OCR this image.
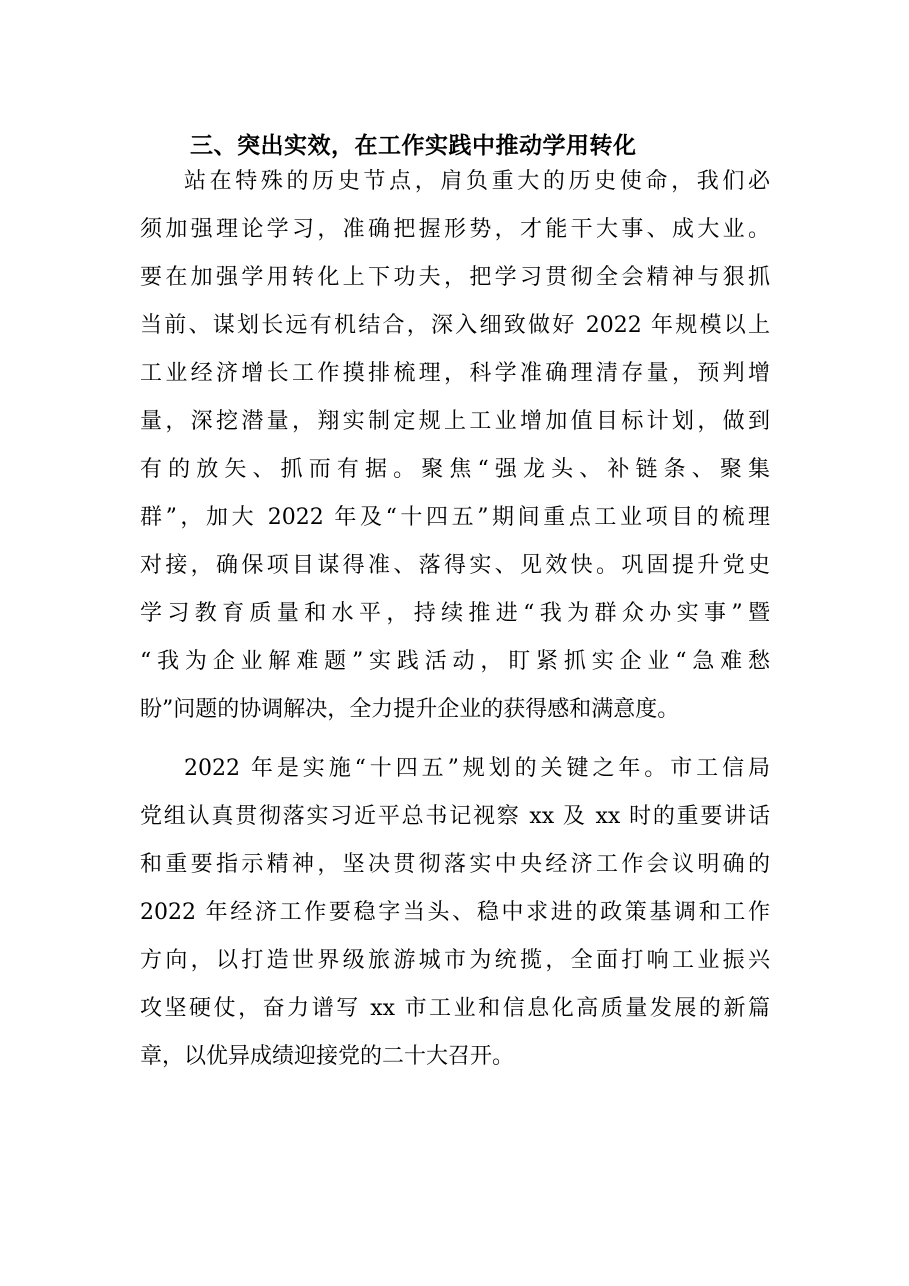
三、突出实效，在工作实践中推动学用转化
站在特殊的历史节点，肩负重大的历史使命，我们必
须加强理论学习，准确把握形势，才能干大事、成大业。
要在加强学用转化上下功夫，把学习贯彻全会精神与狠抓
当前、谋划长远有机结合，深入细致做好 2022 年规模以上
工业经济增长工作摸排梳理，科学准确理清存量，预判增
量，深挖潜量，翔实制定规上工业增加值目标计划，做到
有的放矢、抓而有据。聚焦“强龙头、补链条、聚集
群”，加大 2022 年及“十四五”期间重点工业项目的梳理
对接，确保项目谋得准、落得实、见效快。巩固提升党史
学习教育质量和水平，持续推进“我为群众办实事”暨
“我为企业解难题”实践活动，盯紧抓实企业“急难愁
盼”问题的协调解决，全力提升企业的获得感和满意度。
2022 年是实施“十四五”规划的关键之年。市工信局
党组认真贯彻落实习近平总书记视察 xx 及 xx 时的重要讲话
和重要指示精神，坚决贯彻落实中央经济工作会议明确的
2022 年经济工作要稳字当头、稳中求进的政策基调和工作
方向，以打造世界级旅游城市为统揽，全面打响工业振兴
攻坚硬仗，奋力谱写 xx 市工业和信息化高质量发展的新篇
章，以优异成绩迎接党的二十大召开。
